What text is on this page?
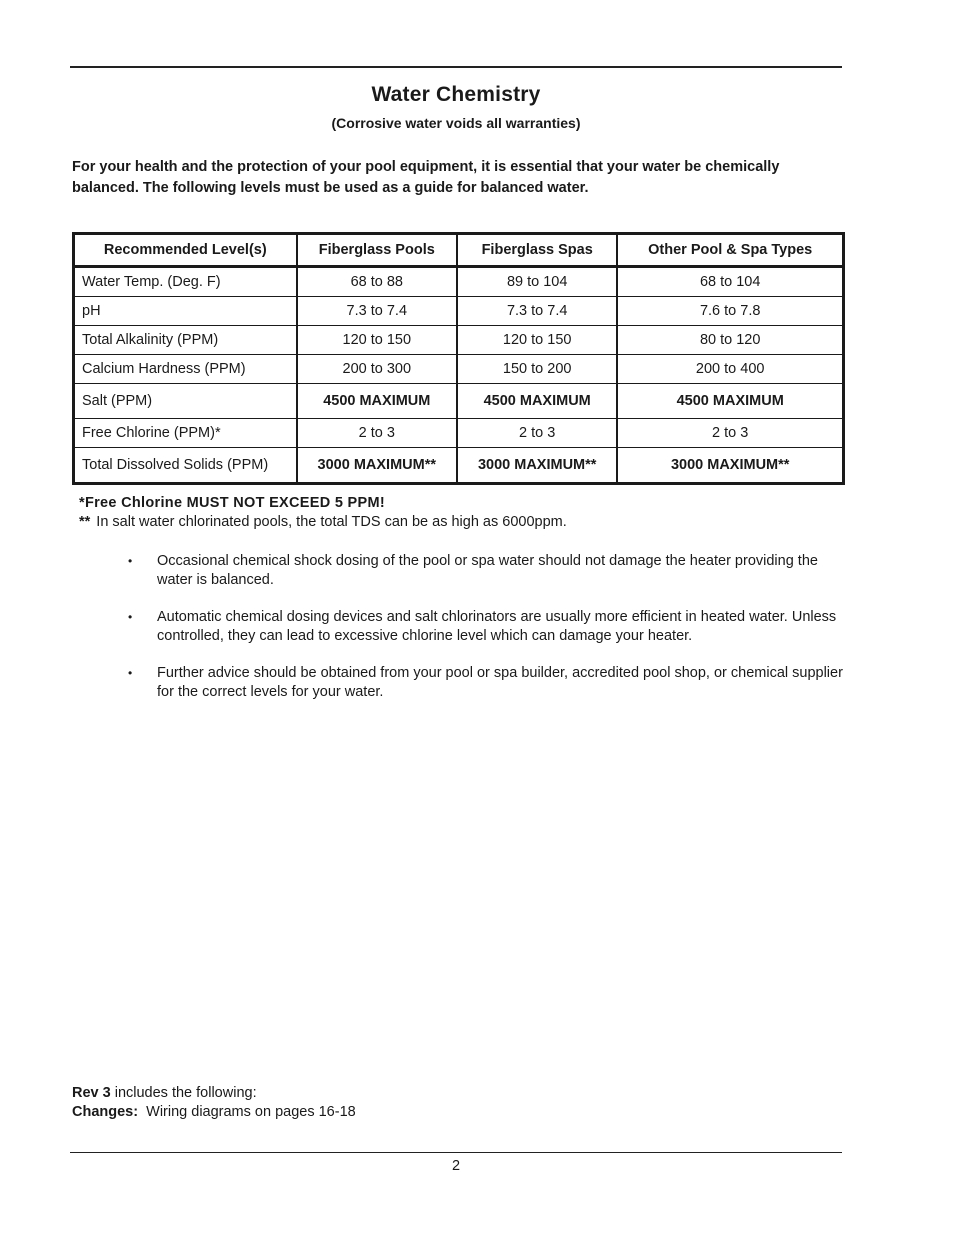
Water Chemistry
(Corrosive water voids all warranties)
For your health and the protection of your pool equipment, it is essential that your water be chemically balanced. The following levels must be used as a guide for balanced water.
Recommended Level(s)	Fiberglass Pools	Fiberglass Spas	Other Pool & Spa Types
Water Temp. (Deg. F)	68 to 88	89 to 104	68 to 104
pH	7.3 to 7.4	7.3 to 7.4	7.6 to 7.8
Total Alkalinity (PPM)	120 to 150	120 to 150	80 to 120
Calcium Hardness (PPM)	200 to 300	150 to 200	200 to 400
Salt (PPM)	4500 MAXIMUM	4500 MAXIMUM	4500 MAXIMUM
Free Chlorine (PPM)*	2 to 3	2 to 3	2 to 3
Total Dissolved Solids (PPM)	3000 MAXIMUM**	3000 MAXIMUM**	3000 MAXIMUM**
*Free Chlorine MUST NOT EXCEED 5 PPM!
** In salt water chlorinated pools, the total TDS can be as high as 6000ppm.
• Occasional chemical shock dosing of the pool or spa water should not damage the heater providing the water is balanced.
• Automatic chemical dosing devices and salt chlorinators are usually more efficient in heated water. Unless controlled, they can lead to excessive chlorine level which can damage your heater.
• Further advice should be obtained from your pool or spa builder, accredited pool shop, or chemical supplier for the correct levels for your water.
Rev 3 includes the following:
Changes: Wiring diagrams on pages 16-18
2
